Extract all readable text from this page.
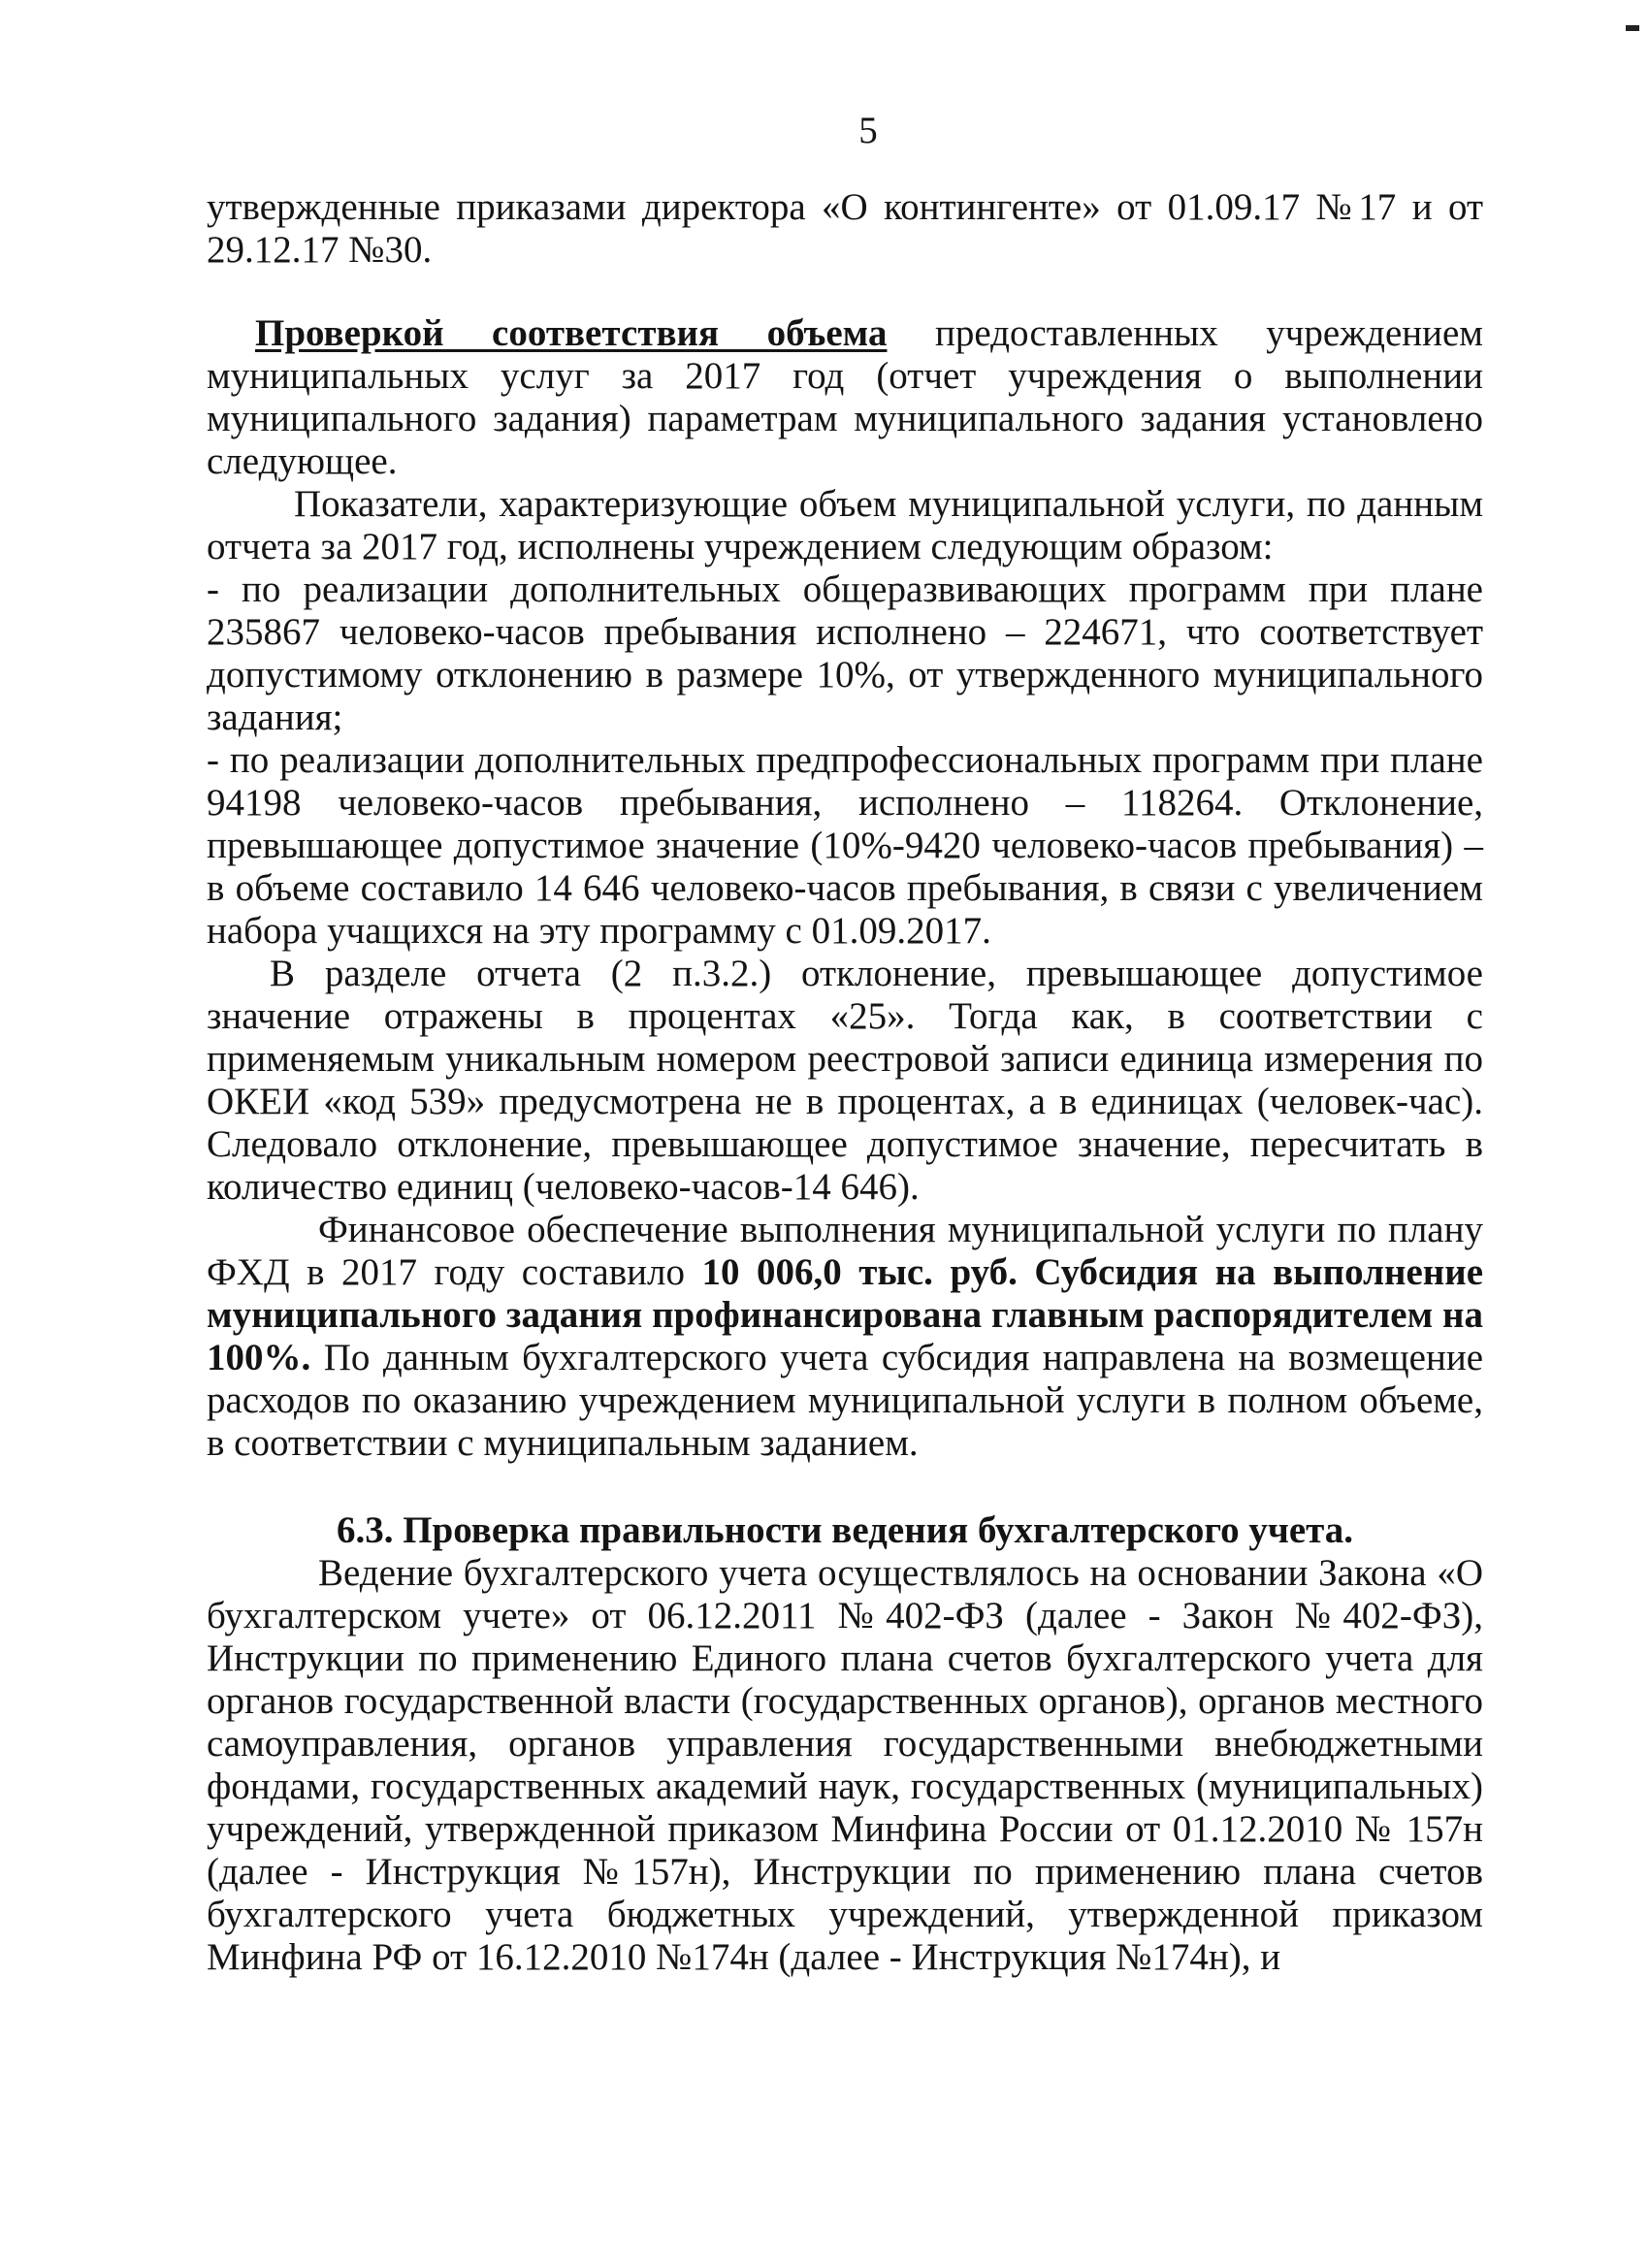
5

утвержденные приказами директора «О контингенте» от 01.09.17 №17 и от 29.12.17 №30.

Проверкой соответствия объема предоставленных учреждением муниципальных услуг за 2017 год (отчет учреждения о выполнении муниципального задания) параметрам муниципального задания установлено следующее.

Показатели, характеризующие объем муниципальной услуги, по данным отчета за 2017 год, исполнены учреждением следующим образом:

- по реализации дополнительных общеразвивающих программ при плане 235867 человеко-часов пребывания исполнено – 224671, что соответствует допустимому отклонению в размере 10%, от утвержденного муниципального задания;

- по реализации дополнительных предпрофессиональных программ при плане 94198 человеко-часов пребывания, исполнено – 118264. Отклонение, превышающее допустимое значение (10%-9420 человеко-часов пребывания) – в объеме составило 14 646 человеко-часов пребывания, в связи с увеличением набора учащихся на эту программу с 01.09.2017.

В разделе отчета (2 п.3.2.) отклонение, превышающее допустимое значение отражены в процентах «25». Тогда как, в соответствии с применяемым уникальным номером реестровой записи единица измерения по ОКЕИ «код 539» предусмотрена не в процентах, а в единицах (человек-час). Следовало отклонение, превышающее допустимое значение, пересчитать в количество единиц (человеко-часов-14 646).

Финансовое обеспечение выполнения муниципальной услуги по плану ФХД в 2017 году составило 10 006,0 тыс. руб. Субсидия на выполнение муниципального задания профинансирована главным распорядителем на 100%. По данным бухгалтерского учета субсидия направлена на возмещение расходов по оказанию учреждением муниципальной услуги в полном объеме, в соответствии с муниципальным заданием.

6.3. Проверка правильности ведения бухгалтерского учета.

Ведение бухгалтерского учета осуществлялось на основании Закона «О бухгалтерском учете» от 06.12.2011 №402-ФЗ (далее - Закон №402-ФЗ), Инструкции по применению Единого плана счетов бухгалтерского учета для органов государственной власти (государственных органов), органов местного самоуправления, органов управления государственными внебюджетными фондами, государственных академий наук, государственных (муниципальных) учреждений, утвержденной приказом Минфина России от 01.12.2010 № 157н (далее - Инструкция №157н), Инструкции по применению плана счетов бухгалтерского учета бюджетных учреждений, утвержденной приказом Минфина РФ от 16.12.2010 №174н (далее - Инструкция №174н), и
